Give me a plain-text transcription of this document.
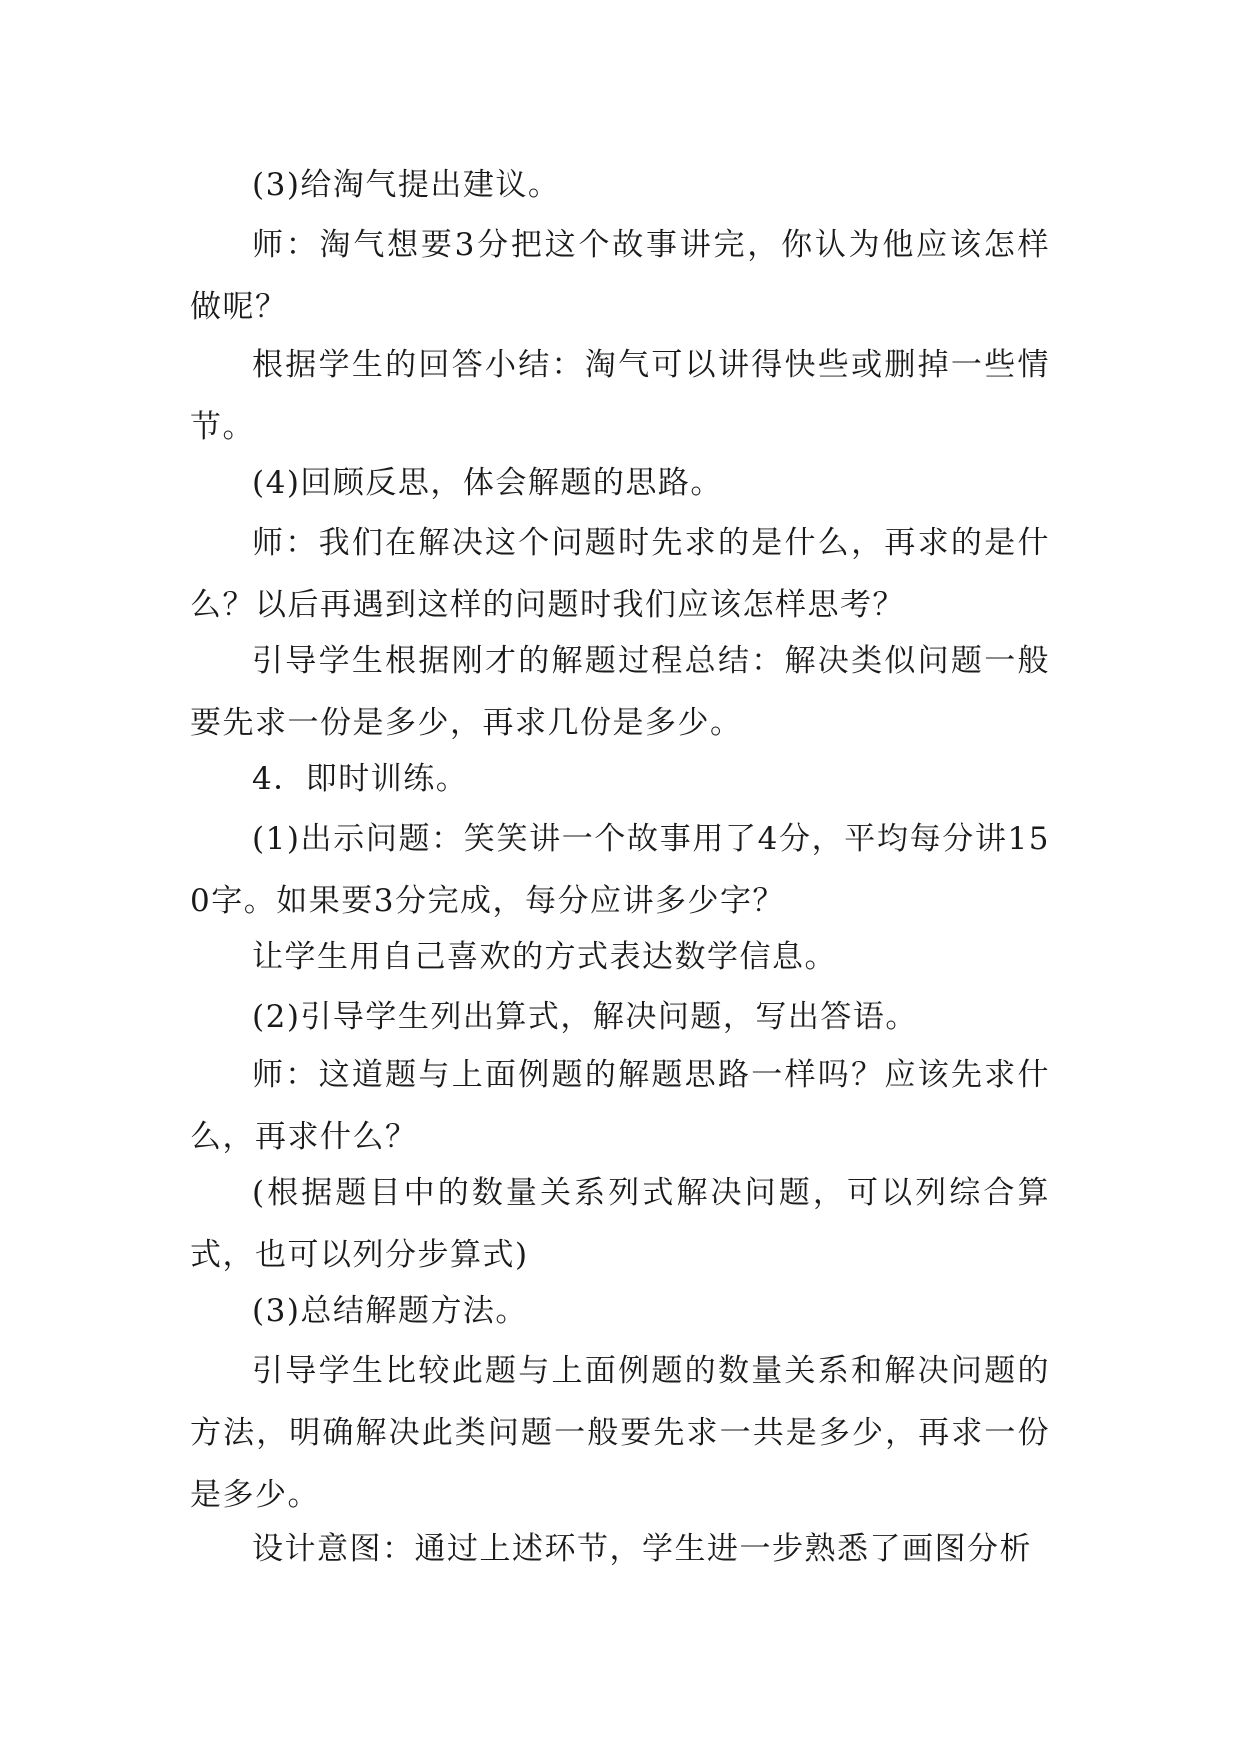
(3)给淘气提出建议。

师：淘气想要3分把这个故事讲完，你认为他应该怎样做呢？

根据学生的回答小结：淘气可以讲得快些或删掉一些情节。

(4)回顾反思，体会解题的思路。

师：我们在解决这个问题时先求的是什么，再求的是什么？以后再遇到这样的问题时我们应该怎样思考？

引导学生根据刚才的解题过程总结：解决类似问题一般要先求一份是多少，再求几份是多少。

4．即时训练。

(1)出示问题：笑笑讲一个故事用了4分，平均每分讲150字。如果要3分完成，每分应讲多少字？

让学生用自己喜欢的方式表达数学信息。

(2)引导学生列出算式，解决问题，写出答语。

师：这道题与上面例题的解题思路一样吗？应该先求什么，再求什么？

(根据题目中的数量关系列式解决问题，可以列综合算式，也可以列分步算式)

(3)总结解题方法。

引导学生比较此题与上面例题的数量关系和解决问题的方法，明确解决此类问题一般要先求一共是多少，再求一份是多少。

设计意图：通过上述环节，学生进一步熟悉了画图分析
